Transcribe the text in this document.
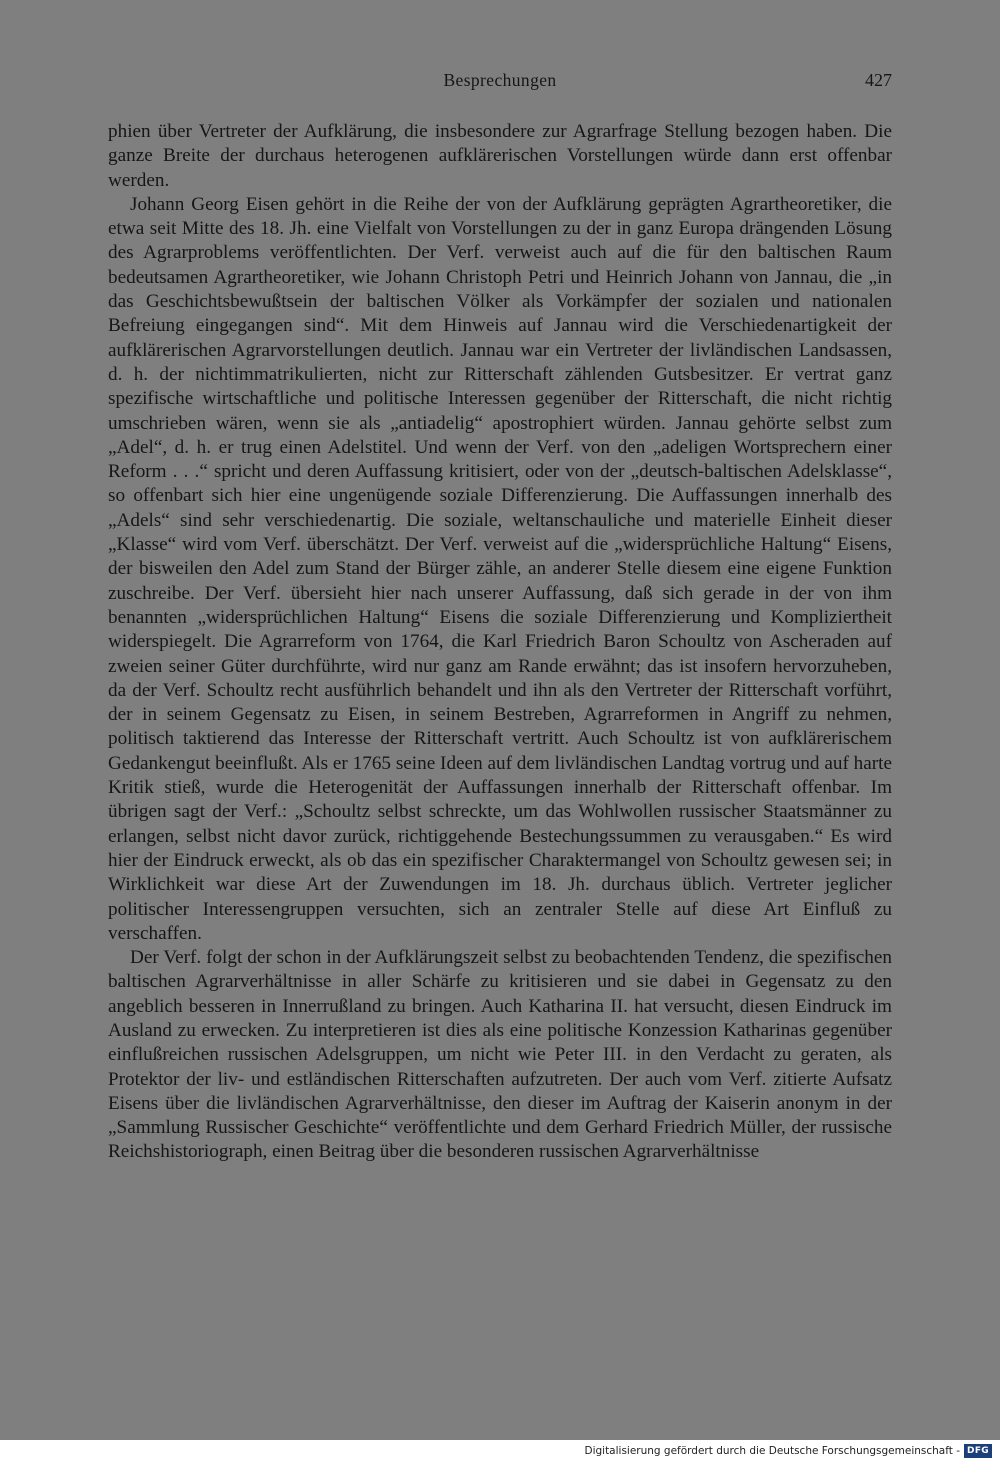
Besprechungen	427

phien über Vertreter der Aufklärung, die insbesondere zur Agrarfrage Stellung bezogen haben. Die ganze Breite der durchaus heterogenen aufklärerischen Vorstellungen würde dann erst offenbar werden.

Johann Georg Eisen gehört in die Reihe der von der Aufklärung geprägten Agrartheoretiker, die etwa seit Mitte des 18. Jh. eine Vielfalt von Vorstellungen zu der in ganz Europa drängenden Lösung des Agrarproblems veröffentlichten. Der Verf. verweist auch auf die für den baltischen Raum bedeutsamen Agrartheoretiker, wie Johann Christoph Petri und Heinrich Johann von Jannau, die „in das Geschichtsbewußtsein der baltischen Völker als Vorkämpfer der sozialen und nationalen Befreiung eingegangen sind“. Mit dem Hinweis auf Jannau wird die Verschiedenartigkeit der aufklärerischen Agrarvorstellungen deutlich. Jannau war ein Vertreter der livländischen Landsassen, d. h. der nichtimmatrikulierten, nicht zur Ritterschaft zählenden Gutsbesitzer. Er vertrat ganz spezifische wirtschaftliche und politische Interessen gegenüber der Ritterschaft, die nicht richtig umschrieben wären, wenn sie als „antiadelig“ apostrophiert würden. Jannau gehörte selbst zum „Adel“, d. h. er trug einen Adelstitel. Und wenn der Verf. von den „adeligen Wortsprechern einer Reform . . .“ spricht und deren Auffassung kritisiert, oder von der „deutsch-baltischen Adelsklasse“, so offenbart sich hier eine ungenügende soziale Differenzierung. Die Auffassungen innerhalb des „Adels“ sind sehr verschiedenartig. Die soziale, weltanschauliche und materielle Einheit dieser „Klasse“ wird vom Verf. überschätzt. Der Verf. verweist auf die „widersprüchliche Haltung“ Eisens, der bisweilen den Adel zum Stand der Bürger zähle, an anderer Stelle diesem eine eigene Funktion zuschreibe. Der Verf. übersieht hier nach unserer Auffassung, daß sich gerade in der von ihm benannten „widersprüchlichen Haltung“ Eisens die soziale Differenzierung und Kompliziertheit widerspiegelt. Die Agrarreform von 1764, die Karl Friedrich Baron Schoultz von Ascheraden auf zweien seiner Güter durchführte, wird nur ganz am Rande erwähnt; das ist insofern hervorzuheben, da der Verf. Schoultz recht ausführlich behandelt und ihn als den Vertreter der Ritterschaft vorführt, der in seinem Gegensatz zu Eisen, in seinem Bestreben, Agrarreformen in Angriff zu nehmen, politisch taktierend das Interesse der Ritterschaft vertritt. Auch Schoultz ist von aufklärerischem Gedankengut beeinflußt. Als er 1765 seine Ideen auf dem livländischen Landtag vortrug und auf harte Kritik stieß, wurde die Heterogenität der Auffassungen innerhalb der Ritterschaft offenbar. Im übrigen sagt der Verf.: „Schoultz selbst schreckte, um das Wohlwollen russischer Staatsmänner zu erlangen, selbst nicht davor zurück, richtiggehende Bestechungssummen zu verausgaben.“ Es wird hier der Eindruck erweckt, als ob das ein spezifischer Charaktermangel von Schoultz gewesen sei; in Wirklichkeit war diese Art der Zuwendungen im 18. Jh. durchaus üblich. Vertreter jeglicher politischer Interessengruppen versuchten, sich an zentraler Stelle auf diese Art Einfluß zu verschaffen.

Der Verf. folgt der schon in der Aufklärungszeit selbst zu beobachtenden Tendenz, die spezifischen baltischen Agrarverhältnisse in aller Schärfe zu kritisieren und sie dabei in Gegensatz zu den angeblich besseren in Innerrußland zu bringen. Auch Katharina II. hat versucht, diesen Eindruck im Ausland zu erwecken. Zu interpretieren ist dies als eine politische Konzession Katharinas gegenüber einflußreichen russischen Adelsgruppen, um nicht wie Peter III. in den Verdacht zu geraten, als Protektor der liv- und estländischen Ritterschaften aufzutreten. Der auch vom Verf. zitierte Aufsatz Eisens über die livländischen Agrarverhältnisse, den dieser im Auftrag der Kaiserin anonym in der „Sammlung Russischer Geschichte“ veröffentlichte und dem Gerhard Friedrich Müller, der russische Reichshistoriograph, einen Beitrag über die besonderen russischen Agrarverhältnisse

Digitalisierung gefördert durch die Deutsche Forschungsgemeinschaft - DFG
